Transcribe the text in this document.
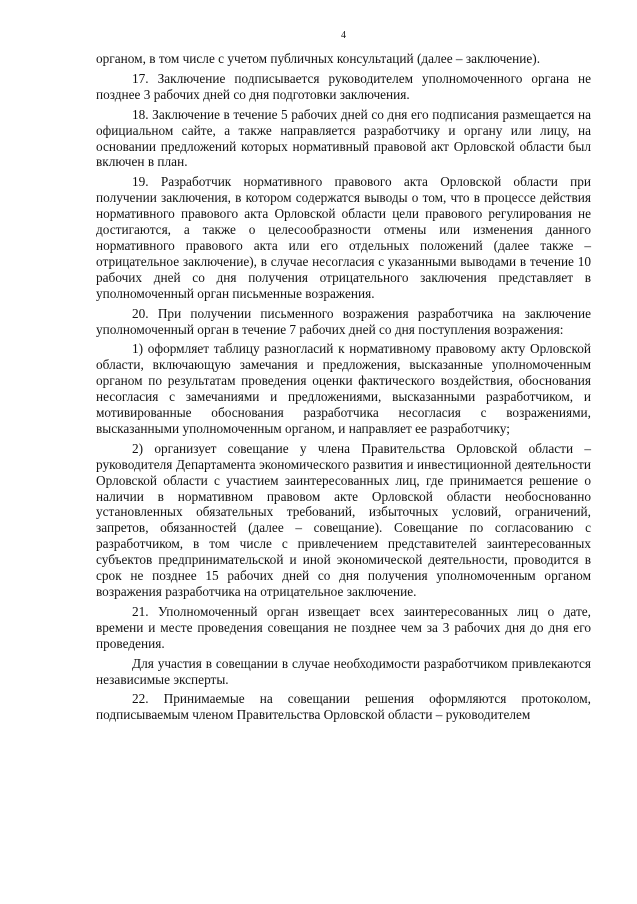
4

органом, в том числе с учетом публичных консультаций (далее – заключение).

17. Заключение подписывается руководителем уполномоченного органа не позднее 3 рабочих дней со дня подготовки заключения.

18. Заключение в течение 5 рабочих дней со дня его подписания размещается на официальном сайте, а также направляется разработчику и органу или лицу, на основании предложений которых нормативный правовой акт Орловской области был включен в план.

19. Разработчик нормативного правового акта Орловской области при получении заключения, в котором содержатся выводы о том, что в процессе действия нормативного правового акта Орловской области цели правового регулирования не достигаются, а также о целесообразности отмены или изменения данного нормативного правового акта или его отдельных положений (далее также – отрицательное заключение), в случае несогласия с указанными выводами в течение 10 рабочих дней со дня получения отрицательного заключения представляет в уполномоченный орган письменные возражения.

20. При получении письменного возражения разработчика на заключение уполномоченный орган в течение 7 рабочих дней со дня поступления возражения:

1) оформляет таблицу разногласий к нормативному правовому акту Орловской области, включающую замечания и предложения, высказанные уполномоченным органом по результатам проведения оценки фактического воздействия, обоснования несогласия с замечаниями и предложениями, высказанными разработчиком, и мотивированные обоснования разработчика несогласия с возражениями, высказанными уполномоченным органом, и направляет ее разработчику;

2) организует совещание у члена Правительства Орловской области – руководителя Департамента экономического развития и инвестиционной деятельности Орловской области с участием заинтересованных лиц, где принимается решение о наличии в нормативном правовом акте Орловской области необоснованно установленных обязательных требований, избыточных условий, ограничений, запретов, обязанностей (далее – совещание). Совещание по согласованию с разработчиком, в том числе с привлечением представителей заинтересованных субъектов предпринимательской и иной экономической деятельности, проводится в срок не позднее 15 рабочих дней со дня получения уполномоченным органом возражения разработчика на отрицательное заключение.

21. Уполномоченный орган извещает всех заинтересованных лиц о дате, времени и месте проведения совещания не позднее чем за 3 рабочих дня до дня его проведения.

Для участия в совещании в случае необходимости разработчиком привлекаются независимые эксперты.

22. Принимаемые на совещании решения оформляются протоколом, подписываемым членом Правительства Орловской области – руководителем
